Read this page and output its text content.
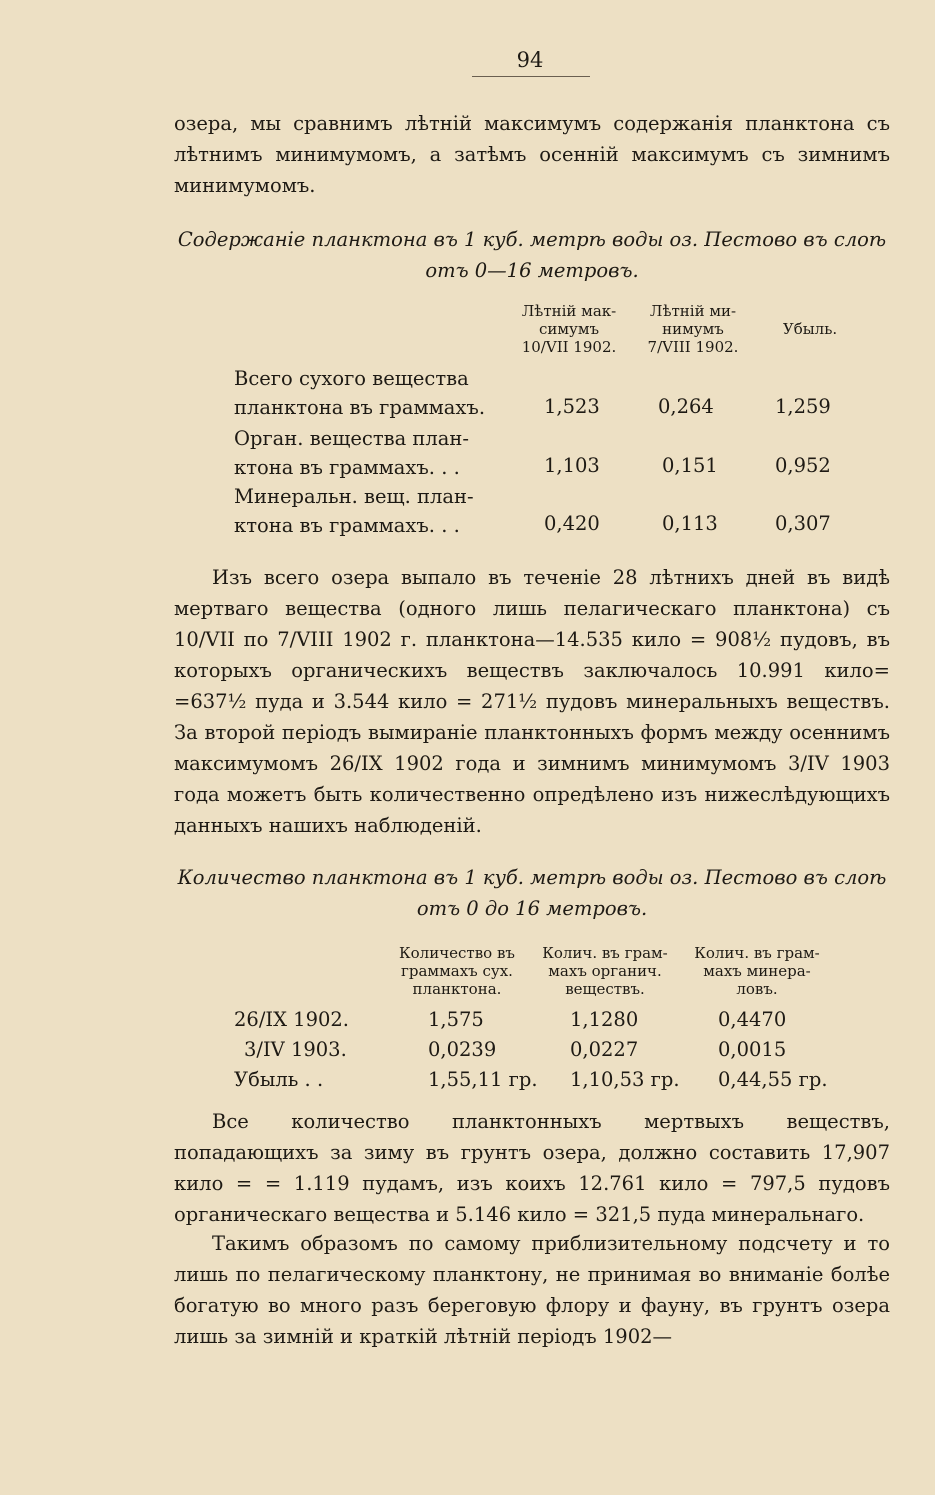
94

озера, мы сравнимъ лѣтній максимумъ содержанія планктона съ лѣтнимъ минимумомъ, а затѣмъ осенній максимумъ съ зимнимъ минимумомъ.

Содержаніе планктона въ 1 куб. метрѣ воды оз. Пестово въ слоѣ
отъ 0—16 метровъ.
Лѣтній мак-
симумъ
10/VII 1902.
Лѣтній ми-
нимумъ
7/VIII 1902.
Убыль.
Всего сухого вещества
планктона въ граммахъ.	1,523	0,264	1,259
Орган. вещества план-
ктона въ граммахъ. . .	1,103	0,151	0,952
Минеральн. вещ. план-
ктона въ граммахъ. . .	0,420	0,113	0,307

Изъ всего озера выпало въ теченіе 28 лѣтнихъ дней въ видѣ мертваго вещества (одного лишь пелагическаго планктона) съ 10/VII по 7/VIII 1902 г. планктона—14.535 кило = 908½ пудовъ, въ которыхъ органическихъ веществъ заключалось 10.991 кило= =637½ пуда и 3.544 кило = 271½ пудовъ минеральныхъ веществъ. За второй періодъ вымираніе планктонныхъ формъ между осеннимъ максимумомъ 26/IX 1902 года и зимнимъ минимумомъ 3/IV 1903 года можетъ быть количественно опредѣлено изъ нижеслѣдующихъ данныхъ нашихъ наблюденій.

Количество планктона въ 1 куб. метрѣ воды оз. Пестово въ слоѣ
отъ 0 до 16 метровъ.
Количество въ
граммахъ сух.
планктона.
Колич. въ грам-
махъ органич.
веществъ.
Колич. въ грам-
махъ минера-
ловъ.
26/IX 1902.	1,575	1,1280	0,4470
3/IV 1903.	0,0239	0,0227	0,0015
Убыль . .	1,55,11 гр. 1,10,53 гр. 0,44,55 гр.

Все количество планктонныхъ мертвыхъ веществъ, попадающихъ за зиму въ грунтъ озера, должно составить 17,907 кило = = 1.119 пудамъ, изъ коихъ 12.761 кило = 797,5 пудовъ органическаго вещества и 5.146 кило = 321,5 пуда минеральнаго.

Такимъ образомъ по самому приблизительному подсчету и то лишь по пелагическому планктону, не принимая во вниманіе болѣе богатую во много разъ береговую флору и фауну, въ грунтъ озера лишь за зимній и краткій лѣтній періодъ 1902—
